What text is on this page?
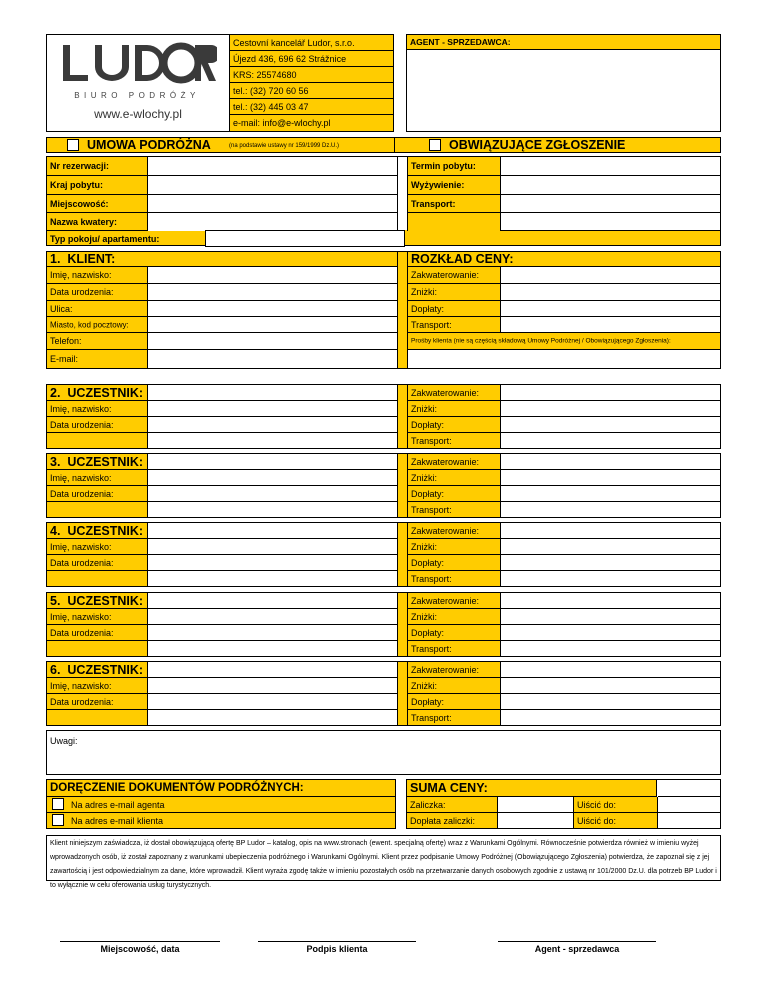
BIURO PODRÓŻY
www.e-wlochy.pl
Cestovní kancelář Ludor, s.r.o.
Újezd 436, 696 62 Strážnice
KRS: 25574680
tel.: (32) 720 60 56
tel.: (32) 445 03 47
e-mail: info@e-wlochy.pl
AGENT - SPRZEDAWCA:
UMOWA PODRÓŻNA	(na podstawie ustawy nr 159/1999 Dz.U.)	OBWIĄZUJĄCE ZGŁOSZENIE
Nr rezerwacji:
Kraj pobytu:
Miejscowość:
Nazwa kwatery:
Typ pokoju/ apartamentu:
Termin pobytu:
Wyżywienie:
Transport:
1. KLIENT:
Imię, nazwisko:
Data urodzenia:
Ulica:
Miasto, kod pocztowy:
Telefon:
E-mail:
ROZKŁAD CENY:
Zakwaterowanie:
Zniżki:
Dopłaty:
Transport:
Prośby klienta (nie są częścią składową Umowy Podróżnej / Obowiązującego Zgłoszenia):
2. UCZESTNIK:
Imię, nazwisko:
Data urodzenia:
Zakwaterowanie:
Zniżki:
Dopłaty:
Transport:
3. UCZESTNIK:
Imię, nazwisko:
Data urodzenia:
Zakwaterowanie:
Zniżki:
Dopłaty:
Transport:
4. UCZESTNIK:
Imię, nazwisko:
Data urodzenia:
Zakwaterowanie:
Zniżki:
Dopłaty:
Transport:
5. UCZESTNIK:
Imię, nazwisko:
Data urodzenia:
Zakwaterowanie:
Zniżki:
Dopłaty:
Transport:
6. UCZESTNIK:
Imię, nazwisko:
Data urodzenia:
Zakwaterowanie:
Zniżki:
Dopłaty:
Transport:
Uwagi:
DORĘCZENIE DOKUMENTÓW PODRÓŻNYCH:
Na adres e-mail agenta
Na adres e-mail klienta
SUMA CENY:
Zaliczka:
Dopłata zaliczki:
Uiścić do:
Uiścić do:
Klient niniejszym zaświadcza, iż dostał obowiązującą ofertę BP Ludor – katalog, opis na www.stronach (ewent. specjalną ofertę) wraz z Warunkami Ogólnymi. Równocześnie potwierdza również w imieniu wyżej wprowadzonych osób, iż został zapoznany z warunkami ubepieczenia podróżnego i Warunkami Ogólnymi. Klient przez podpisanie Umowy Podróżnej (Obowiązującego Zgłoszenia) potwierdza, że zapoznał się z jej zawartością i jest odpowiedzialnym za dane, które wprowadził. Klient wyraża zgodę także w imieniu pozostałych osób na przetwarzanie danych osobowych zgodnie z ustawą nr 101/2000 Dz.U. dla potrzeb BP Ludor i to wyłącznie w celu oferowania usług turystycznych.
Miejscowość, data	Podpis klienta	Agent - sprzedawca
